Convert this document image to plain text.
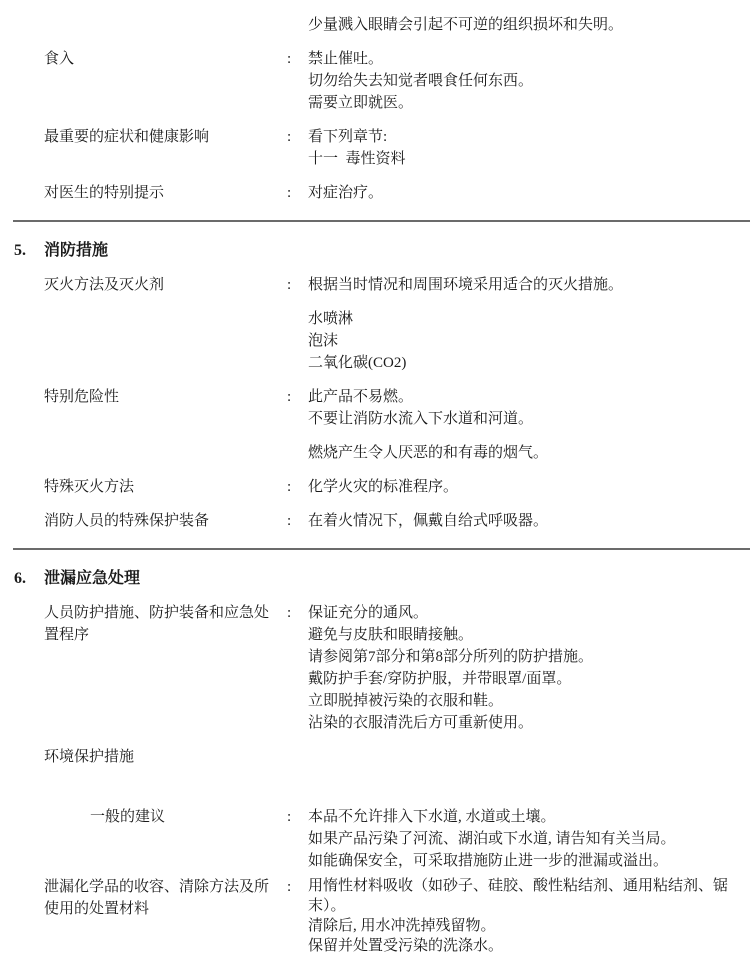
少量溅入眼睛会引起不可逆的组织损坏和失明。
食入	:	禁止催吐。
切勿给失去知觉者喂食任何东西。
需要立即就医。
最重要的症状和健康影响	:	看下列章节:
十一  毒性资料
对医生的特别提示	:	对症治疗。
5.	消防措施
灭火方法及灭火剂	:	根据当时情况和周围环境采用适合的灭火措施。
水喷淋
泡沫
二氧化碳(CO2)
特别危险性	:	此产品不易燃。
不要让消防水流入下水道和河道。
燃烧产生令人厌恶的和有毒的烟气。
特殊灭火方法	:	化学火灾的标准程序。
消防人员的特殊保护装备	:	在着火情况下，佩戴自给式呼吸器。
6.	泄漏应急处理
人员防护措施、防护装备和应急处置程序
:	保证充分的通风。
避免与皮肤和眼睛接触。
请参阅第7部分和第8部分所列的防护措施。
戴防护手套/穿防护服，并带眼罩/面罩。
立即脱掉被污染的衣服和鞋。
沾染的衣服清洗后方可重新使用。
环境保护措施
一般的建议	:	本品不允许排入下水道, 水道或土壤。
如果产品污染了河流、湖泊或下水道, 请告知有关当局。
如能确保安全，可采取措施防止进一步的泄漏或溢出。
泄漏化学品的收容、清除方法及所使用的处置材料
:	用惰性材料吸收（如砂子、硅胶、酸性粘结剂、通用粘结剂、锯末）。
清除后, 用水冲洗掉残留物。
保留并处置受污染的洗涤水。
